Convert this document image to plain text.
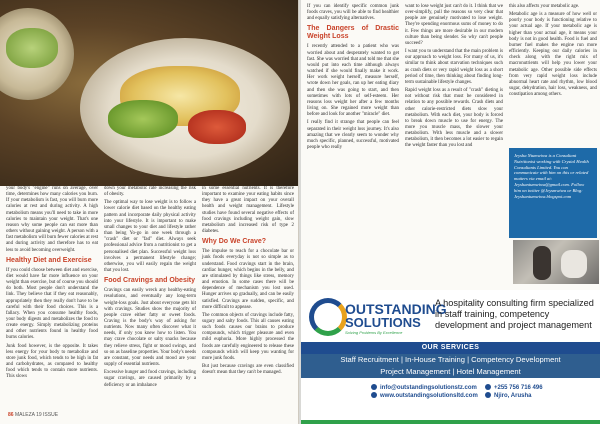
your body's "engine" runs on average, over time, determines how many calories you burn. If your metabolism is fast, you will burn more calories at rest and during activity. A high metabolism means you'll need to take in more calories to maintain your weight. That's one reason why some people can eat more than others without gaining weight. A person with a fast metabolism will burn fewer calories at rest and during activity and therefore has to eat less to avoid becoming overweight.

Healthy Diet and Exercise

If you could choose between diet and exercise, diet would have far more influence on your weight than exercise, but of course you should do both. Most people don't understand the link. They believe that if they eat reasonably, appropriately then they really don't have to be careful with their food choices. This is a fallacy. When you consume healthy foods, your body digests and metabolizes the food to create energy. Simply metabolizing proteins and other nutrients found in healthy food burns calories.

Junk food however, is the opposite. It takes less energy for your body to metabolize and store junk food, which tends to be high in fat and carbohydrates, as compared to healthy food which tends to contain more nutrients. This slows

down your metabolic rate increasing the risk of obesity.

The optimal way to lose weight is to follow a lower calorie diet based on the healthy eating pattern and incorporate daily physical activity into your lifestyle. It is important to make small changes to your diet and lifestyle rather than being Yo-go in one week through a "crash" diet or "fad" diet. Always seek professional advice from a nutritionist to get a personalised diet plan. Successful weight loss involves a permanent lifestyle change; otherwise, you will easily regain the weight that you lost.

Food Cravings and Obesity

Cravings can easily wreck any healthy-eating resolutions, and eventually any long-term weight-loss goals. Just about everyone gets hit with cravings. Studies show the majority of people crave either fatty or sweet foods. Craving is the body's way of asking for nutrients. Now many often discover what it needs, if only you knew how to listen. You may crave chocolate or salty snacks because they relieve stress, fight or mood swings, and so on as baseline properties. Your body's needs are constant, your needs and mood are your supply of essential nutrients.

Excessive hunger and food cravings, including sugar cravings, are caused primarily by a deficiency or an imbalance

in some essential nutrients. It is therefore important to examine your eating habits since they have a great impact on your overall health and weight management. Lifestyle studies have found several negative effects of food cravings including weight gain, slow metabolism and increased risk of type 2 diabetes.

Why Do We Crave?

The impulse to reach for a chocolate bar or junk foods everyday is not so simple as to understand. Food cravings start in the brain, cardiac hunger, which begins in the belly, and are stimulated by things like stress, memory and emotion. In some cases there will be dependence of mechanism you lost used. Hunger arrives up gradually, and can be easily satisfied. Cravings are sudden, specific, and more difficult to appease.

The common objects of cravings include fatty, sugary and salty foods. This all causes eating such foods causes our brains to produce compounds, which trigger pleasure and even mild euphoria. More highly processed the foods are carefully engineered to release these compounds which will keep you wanting for more junk foods.

But just because cravings are even classified doesn't mean that they can't be managed.

86 MALEZA 19 ISSUE

If you can identify specific common junk foods craves, you will be able to find healthier and equally satisfying alternatives.

The Dangers of Drastic Weight Loss

I recently attended to a patient who was worried about and desperately wanted to get fast. She was worried that and told me that she would put into each time although always watched if she would finally make it work. Her work weight herself, measure herself, wrote down her goals, ran up her eating diary and then she was going to start, and then sometimes with lots of self-esteem. Her reasons loss weight her after a few months living on. She regained more weight than before and look for another "miracle" diet.

I really find it strange that people can feel separated in their weight loss journey. It's also amazing that we clearly seem to wonder why much specific, planned, successful, motivated people who really

want to lose weight just can't do it. I think that we over-simplify, pull the reasons so very clear that people are genuinely motivated to lose weight. They're spending enormous sums of money to do it. Few things are more desirable in our modern culture than being slender. So why can't people succeed?

I want you to understand that the main problem is our approach to weight loss. For many of us, it's similar to think about starvation techniques such as crash diets or very rapid weight loss as a short period of time, then thinking about finding long-term sustainable lifestyle changes.

Rapid weight loss as a result of "crash" dieting is not without risk that must be considered in relation to any possible rewards. Crash diets and other calorie-restricted diets slow your metabolism. With each diet, your body is forced to break down muscle to use for energy. The more you muscle mass, the slower your metabolism. With less muscle and a slower metabolism, it then becomes a lot easier to regain the weight faster than you lost and

this also affects your metabolic age.

Metabolic age is a measure of how well or poorly your body is functioning relative to your actual age. If your metabolic age is higher than your actual age, it means your body is not in good health. Food is fuel and burner fuel makes the engine run more efficiently. Keeping our daily calories in check along with the right mix of macronutrients will help you lower your metabolic age. Other possible side effects from very rapid weight loss include abnormal heart rate and rhythm, low blood sugar, dehydration, hair loss, weakness, and constipation among others.

Jeysha Ntumwiwa is a Consultant Nutritionist working with Crystal Health Consultants Limited. You can communicate with him on this or related matters via email at: Jeyshantumwiwa@gmail.com. Follow him on twitter @Jeysmwiwa or Blog: Jeyshantumwiwa.blogspot.com
OUTSTANDING
SOLUTIONS
Solving Problems By Excellence
A hospitality consulting firm specialized in staff training, competency development and project management
OUR SERVICES
Staff Recruitment | In-House Training | Competency Development
Project Management | Hotel Management
info@outstandingsolutionstz.com
www.outstandingsolutionsltd.com
+255 756 716 496
Njiro, Arusha
